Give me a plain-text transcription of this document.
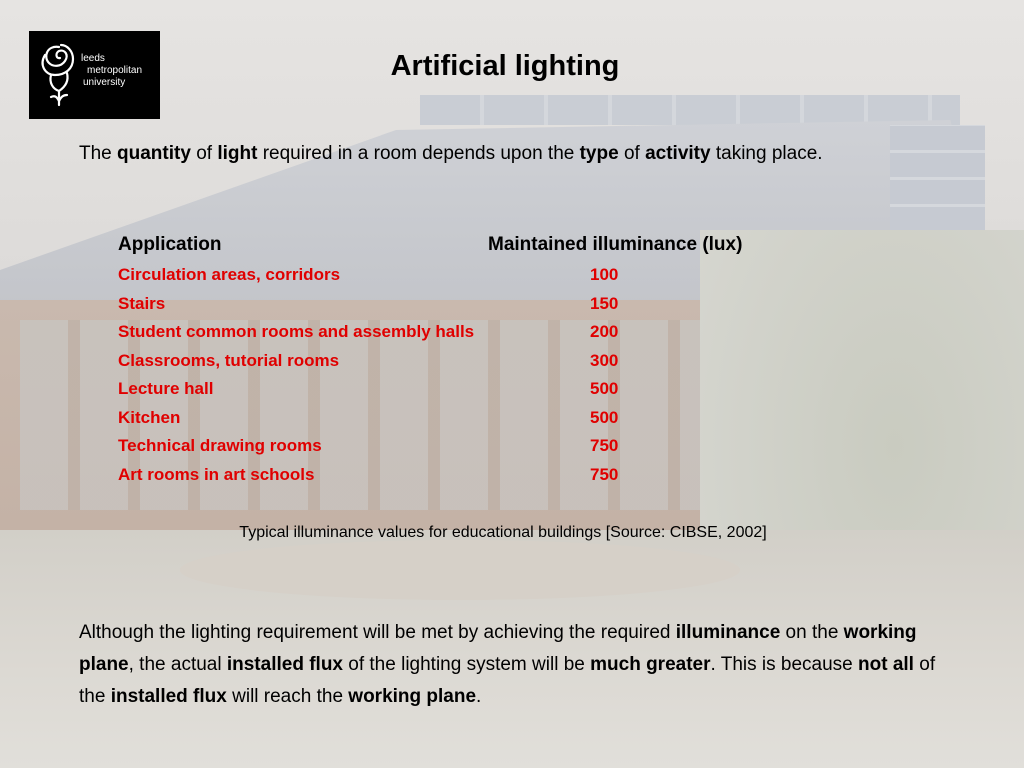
leeds
metropolitan
university
Artificial lighting

The quantity of light required in a room depends upon the type of activity taking place.

Application	Maintained illuminance (lux)
Circulation areas, corridors	100
Stairs	150
Student common rooms and assembly halls	200
Classrooms, tutorial rooms	300
Lecture hall	500
Kitchen	500
Technical drawing rooms	750
Art rooms in art schools	750

Typical illuminance values for educational buildings [Source: CIBSE, 2002]

Although the lighting requirement will be met by achieving the required illuminance on the working plane, the actual installed flux of the lighting system will be much greater. This is because not all of the installed flux will reach the working plane.
